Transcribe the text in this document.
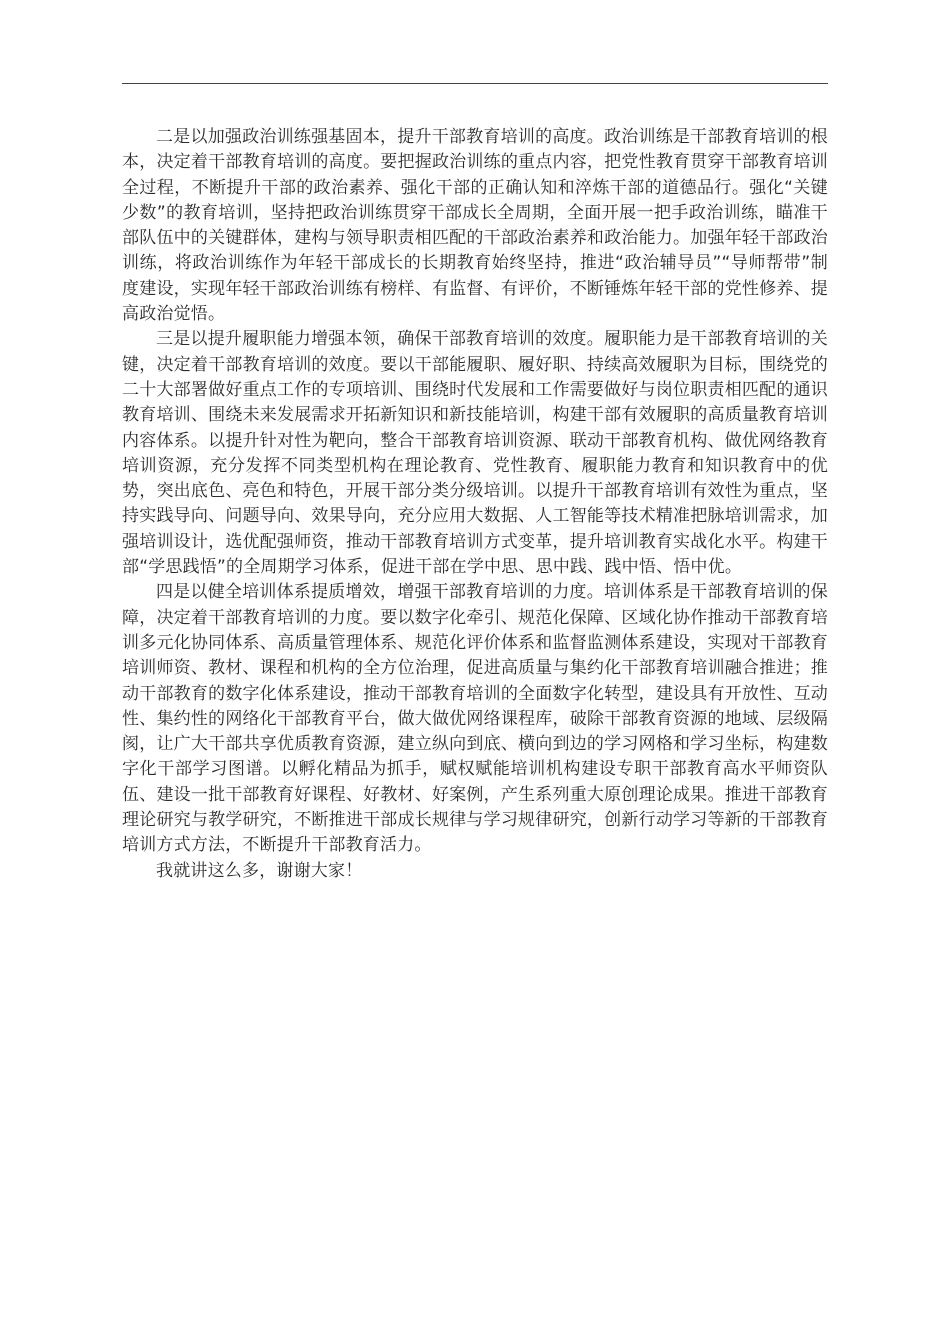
二是以加强政治训练强基固本，提升干部教育培训的高度。政治训练是干部教育培训的根本，决定着干部教育培训的高度。要把握政治训练的重点内容，把党性教育贯穿干部教育培训全过程，不断提升干部的政治素养、强化干部的正确认知和淬炼干部的道德品行。强化“关键少数”的教育培训，坚持把政治训练贯穿干部成长全周期，全面开展一把手政治训练，瞄准干部队伍中的关键群体，建构与领导职责相匹配的干部政治素养和政治能力。加强年轻干部政治训练，将政治训练作为年轻干部成长的长期教育始终坚持，推进“政治辅导员”“导师帮带”制度建设，实现年轻干部政治训练有榜样、有监督、有评价，不断锤炼年轻干部的党性修养、提高政治觉悟。

三是以提升履职能力增强本领，确保干部教育培训的效度。履职能力是干部教育培训的关键，决定着干部教育培训的效度。要以干部能履职、履好职、持续高效履职为目标，围绕党的二十大部署做好重点工作的专项培训、围绕时代发展和工作需要做好与岗位职责相匹配的通识教育培训、围绕未来发展需求开拓新知识和新技能培训，构建干部有效履职的高质量教育培训内容体系。以提升针对性为靶向，整合干部教育培训资源、联动干部教育机构、做优网络教育培训资源，充分发挥不同类型机构在理论教育、党性教育、履职能力教育和知识教育中的优势，突出底色、亮色和特色，开展干部分类分级培训。以提升干部教育培训有效性为重点，坚持实践导向、问题导向、效果导向，充分应用大数据、人工智能等技术精准把脉培训需求，加强培训设计，选优配强师资，推动干部教育培训方式变革，提升培训教育实战化水平。构建干部“学思践悟”的全周期学习体系，促进干部在学中思、思中践、践中悟、悟中优。

四是以健全培训体系提质增效，增强干部教育培训的力度。培训体系是干部教育培训的保障，决定着干部教育培训的力度。要以数字化牵引、规范化保障、区域化协作推动干部教育培训多元化协同体系、高质量管理体系、规范化评价体系和监督监测体系建设，实现对干部教育培训师资、教材、课程和机构的全方位治理，促进高质量与集约化干部教育培训融合推进；推动干部教育的数字化体系建设，推动干部教育培训的全面数字化转型，建设具有开放性、互动性、集约性的网络化干部教育平台，做大做优网络课程库，破除干部教育资源的地域、层级隔阂，让广大干部共享优质教育资源，建立纵向到底、横向到边的学习网格和学习坐标，构建数字化干部学习图谱。以孵化精品为抓手，赋权赋能培训机构建设专职干部教育高水平师资队伍、建设一批干部教育好课程、好教材、好案例，产生系列重大原创理论成果。推进干部教育理论研究与教学研究，不断推进干部成长规律与学习规律研究，创新行动学习等新的干部教育培训方式方法，不断提升干部教育活力。

我就讲这么多，谢谢大家！
